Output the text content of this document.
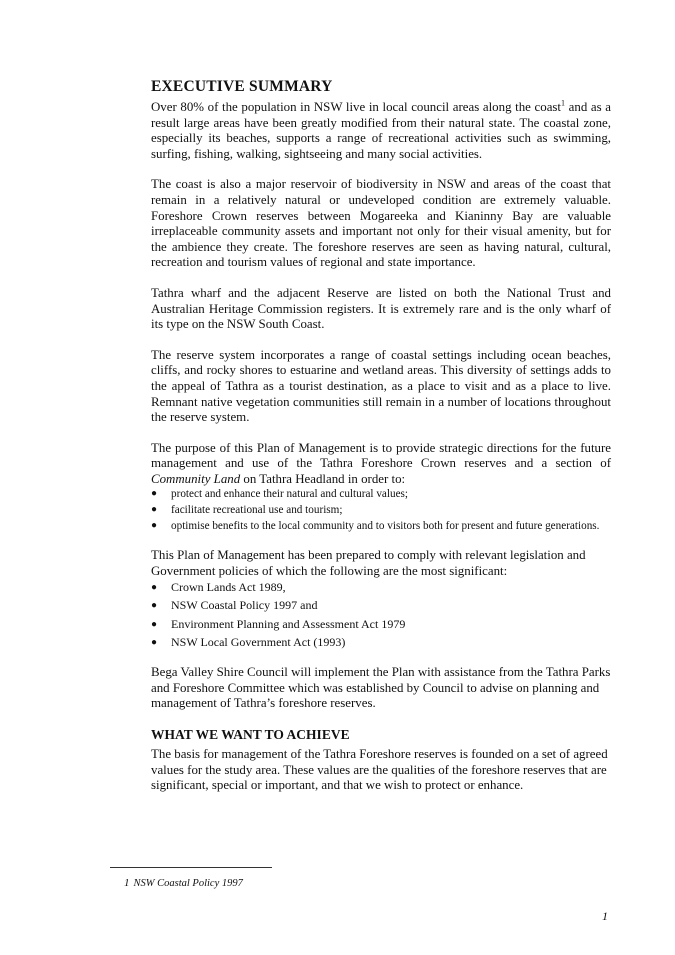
EXECUTIVE SUMMARY

Over 80% of the population in NSW live in local council areas along the coast$^1$ and as a result large areas have been greatly modified from their natural state. The coastal zone, especially its beaches, supports a range of recreational activities such as swimming, surfing, fishing, walking, sightseeing and many social activities.

The coast is also a major reservoir of biodiversity in NSW and areas of the coast that remain in a relatively natural or undeveloped condition are extremely valuable. Foreshore Crown reserves between Mogareeka and Kianinny Bay are valuable irreplaceable community assets and important not only for their visual amenity, but for the ambience they create. The foreshore reserves are seen as having natural, cultural, recreation and tourism values of regional and state importance.

Tathra wharf and the adjacent Reserve are listed on both the National Trust and Australian Heritage Commission registers. It is extremely rare and is the only wharf of its type on the NSW South Coast.

The reserve system incorporates a range of coastal settings including ocean beaches, cliffs, and rocky shores to estuarine and wetland areas. This diversity of settings adds to the appeal of Tathra as a tourist destination, as a place to visit and as a place to live. Remnant native vegetation communities still remain in a number of locations throughout the reserve system.

The purpose of this Plan of Management is to provide strategic directions for the future management and use of the Tathra Foreshore Crown reserves and a section of Community Land on Tathra Headland in order to:

● protect and enhance their natural and cultural values;
● facilitate recreational use and tourism;
● optimise benefits to the local community and to visitors both for present and future generations.

This Plan of Management has been prepared to comply with relevant legislation and Government policies of which the following are the most significant:

● Crown Lands Act 1989,
● NSW Coastal Policy 1997 and
● Environment Planning and Assessment Act 1979
● NSW Local Government Act (1993)

Bega Valley Shire Council will implement the Plan with assistance from the Tathra Parks and Foreshore Committee which was established by Council to advise on planning and management of Tathra’s foreshore reserves.

WHAT WE WANT TO ACHIEVE

The basis for management of the Tathra Foreshore reserves is founded on a set of agreed values for the study area. These values are the qualities of the foreshore reserves that are significant, special or important, and that we wish to protect or enhance.

1 NSW Coastal Policy 1997
1
